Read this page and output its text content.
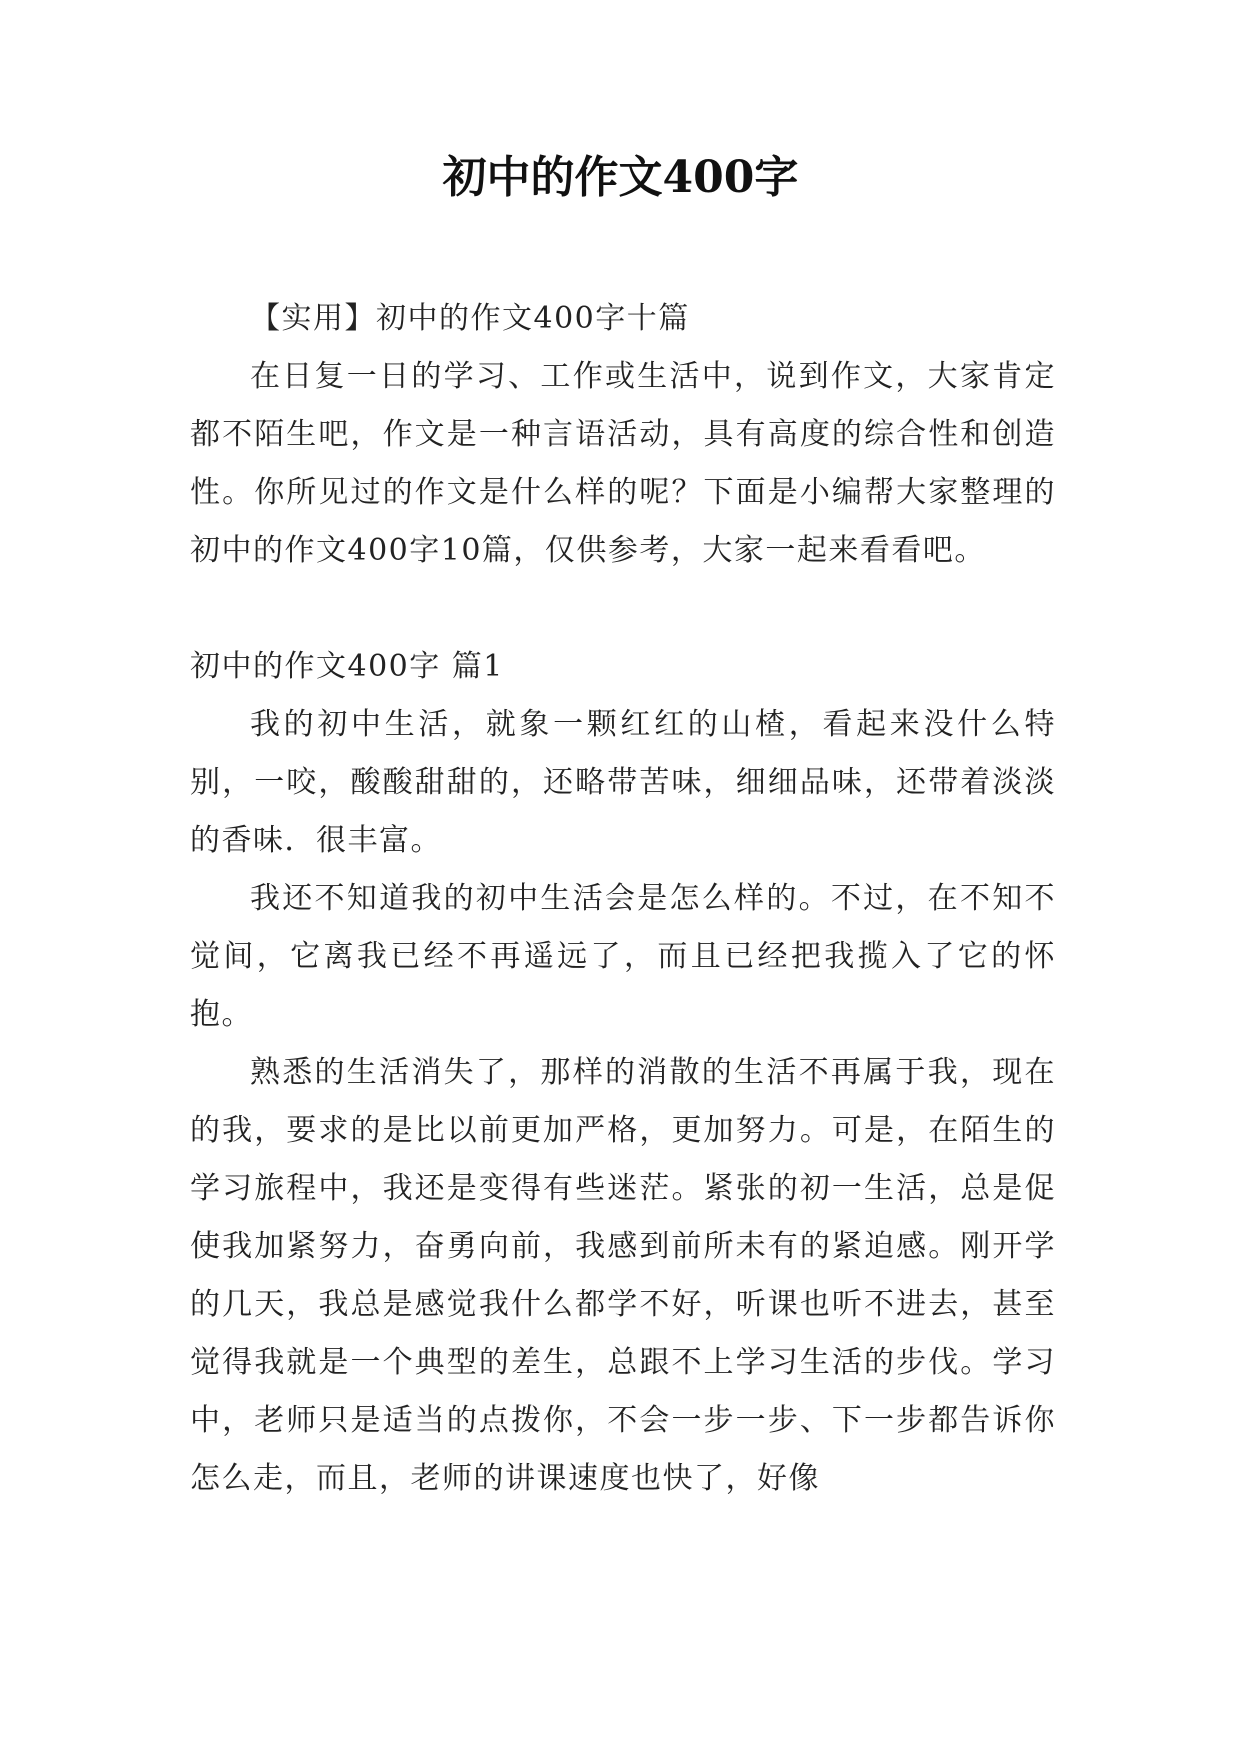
初中的作文400字

【实用】初中的作文400字十篇

在日复一日的学习、工作或生活中，说到作文，大家肯定都不陌生吧，作文是一种言语活动，具有高度的综合性和创造性。你所见过的作文是什么样的呢？下面是小编帮大家整理的初中的作文400字10篇，仅供参考，大家一起来看看吧。

初中的作文400字 篇1

我的初中生活，就象一颗红红的山楂，看起来没什么特别，一咬，酸酸甜甜的，还略带苦味，细细品味，还带着淡淡的香味．很丰富。

我还不知道我的初中生活会是怎么样的。不过，在不知不觉间，它离我已经不再遥远了，而且已经把我揽入了它的怀抱。

熟悉的生活消失了，那样的消散的生活不再属于我，现在的我，要求的是比以前更加严格，更加努力。可是，在陌生的学习旅程中，我还是变得有些迷茫。紧张的初一生活，总是促使我加紧努力，奋勇向前，我感到前所未有的紧迫感。刚开学的几天，我总是感觉我什么都学不好，听课也听不进去，甚至觉得我就是一个典型的差生，总跟不上学习生活的步伐。学习中，老师只是适当的点拨你，不会一步一步、下一步都告诉你怎么走，而且，老师的讲课速度也快了，好像
